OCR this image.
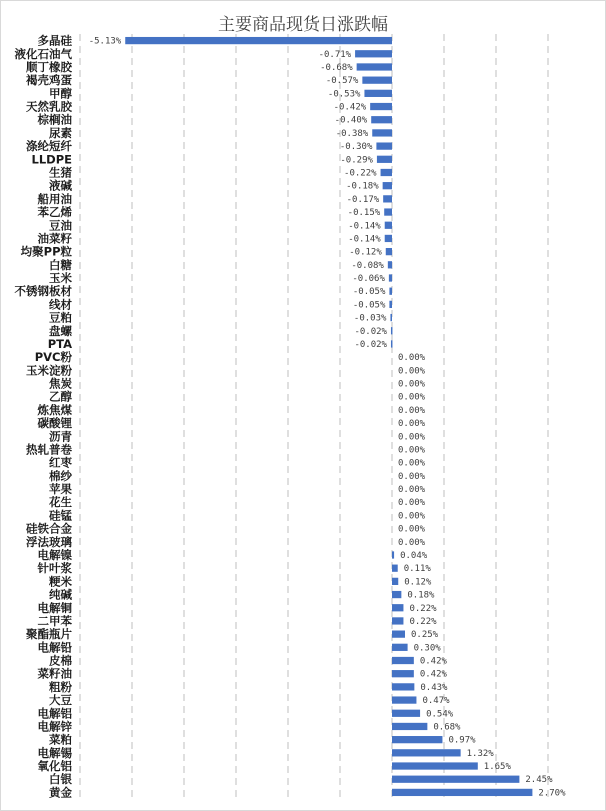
主要商品现货日涨跌幅
多晶硅
液化石油气
顺丁橡胶
褐壳鸡蛋
甲醇
天然乳胶
棕榈油
尿素
涤纶短纤
LLDPE
生猪
液碱
船用油
苯乙烯
豆油
油菜籽
均聚PP粒
白糖
玉米
不锈钢板材
线材
豆粕
盘螺
PTA
PVC粉
玉米淀粉
焦炭
乙醇
炼焦煤
碳酸锂
沥青
热轧普卷
红枣
棉纱
苹果
花生
硅锰
硅铁合金
浮法玻璃
电解镍
针叶浆
粳米
纯碱
电解铜
二甲苯
聚酯瓶片
电解铅
皮棉
菜籽油
粗粉
大豆
电解铝
电解锌
菜粕
电解锡
氧化铝
白银
黄金
-5.13%
-0.71%
-0.68%
-0.57%
-0.53%
-0.42%
-0.40%
-0.38%
-0.30%
-0.29%
-0.22%
-0.18%
-0.17%
-0.15%
-0.14%
-0.14%
-0.12%
-0.08%
-0.06%
-0.05%
-0.05%
-0.03%
-0.02%
-0.02%
0.00%
0.00%
0.00%
0.00%
0.00%
0.00%
0.00%
0.00%
0.00%
0.00%
0.00%
0.00%
0.00%
0.00%
0.00%
0.04%
0.11%
0.12%
0.18%
0.22%
0.22%
0.25%
0.30%
0.42%
0.42%
0.43%
0.47%
0.54%
0.68%
0.97%
1.32%
1.65%
2.45%
2.70%
